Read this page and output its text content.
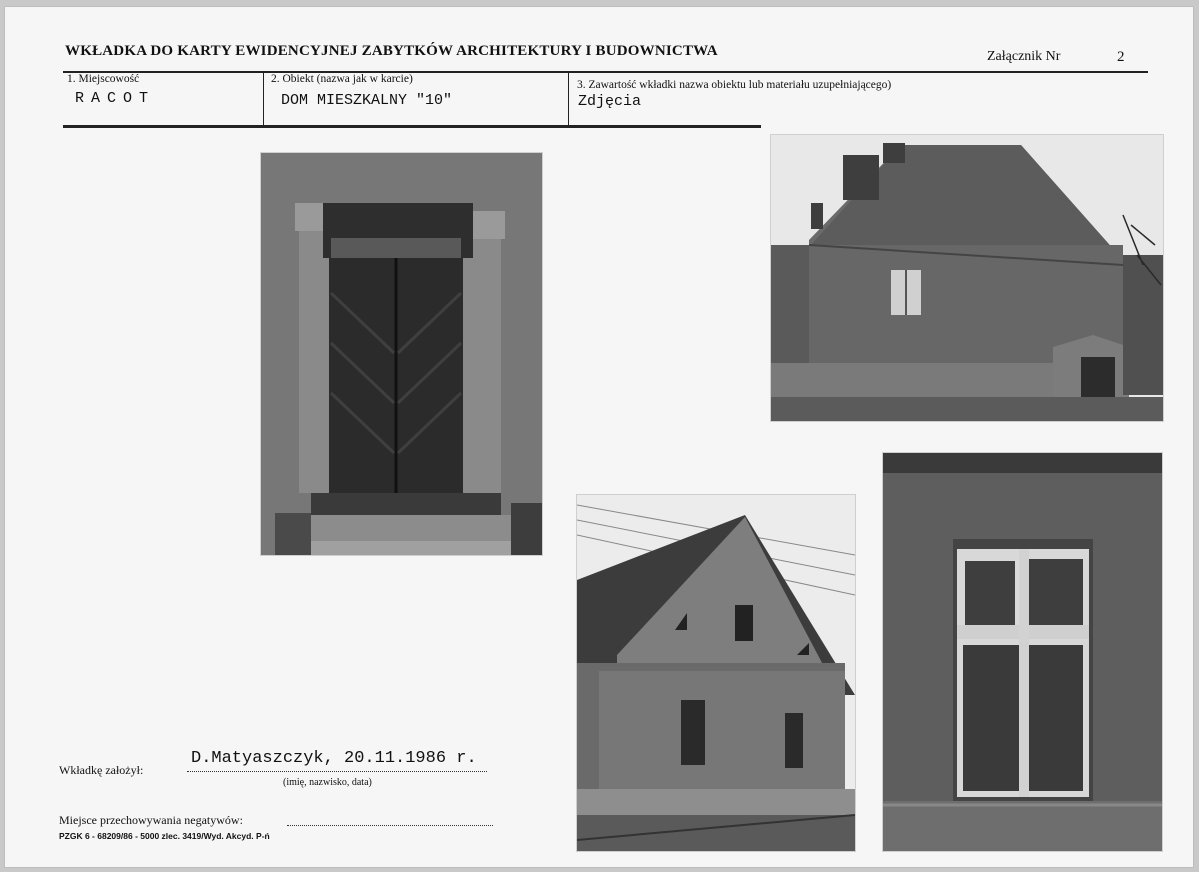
WKŁADKA DO KARTY EWIDENCYJNEJ ZABYTKÓW ARCHITEKTURY I BUDOWNICTWA	Załącznik Nr	2
1. Miejscowość
RACOT
2. Obiekt (nazwa jak w karcie)
DOM MIESZKALNY "10"
3. Zawartość wkładki nazwa obiektu lub materiału uzupełniającego)
Zdjęcia
Wkładkę założył:
D.Matyaszczyk, 20.11.1986 r.
(imię, nazwisko, data)
Miejsce przechowywania negatywów:
PZGK 6 - 68209/86 - 5000 zlec. 3419/Wyd. Akcyd. P-ń
